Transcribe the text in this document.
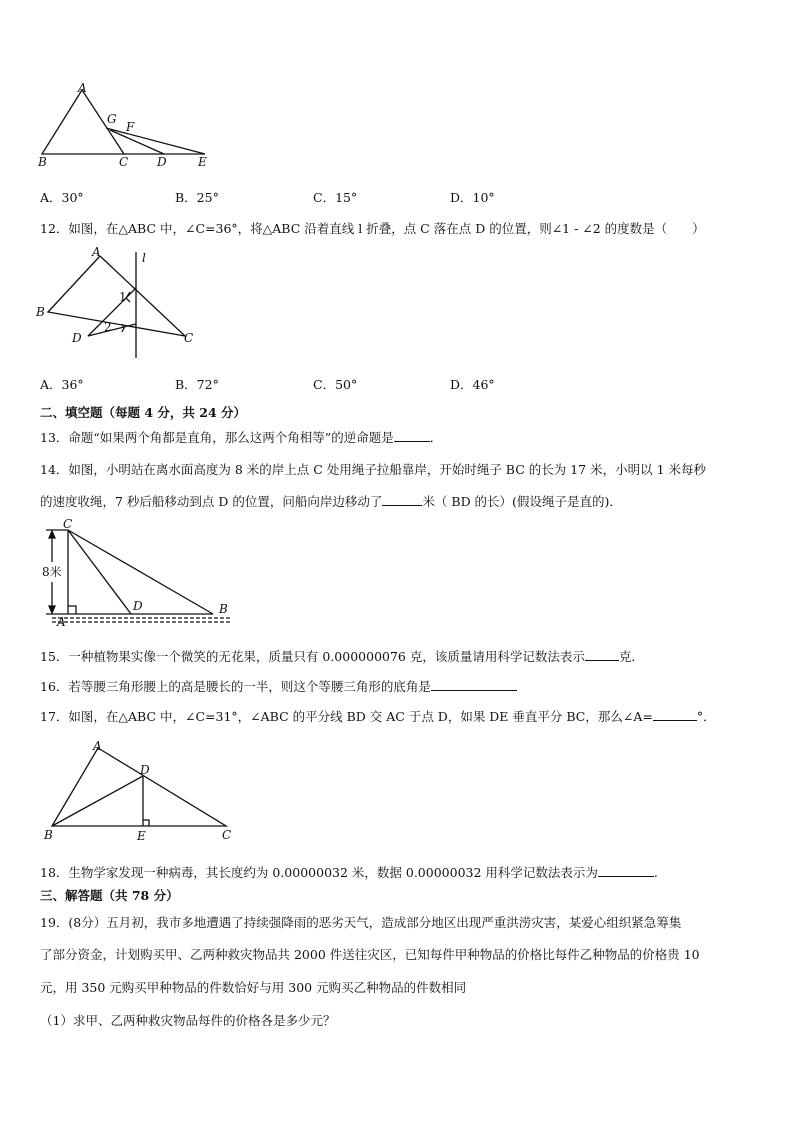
A
G
F
B	C D	E
A．30°	B．25°	C．15°	D．10°
12．如图，在△ABC 中，∠C=36°，将△ABC 沿着直线 l 折叠，点 C 落在点 D 的位置，则∠1 - ∠2 的度数是（　　）
A	l
B
1
2
D	C
A．36°	B．72°	C．50°	D．46°
二、填空题（每题 4 分，共 24 分）
13．命题“如果两个角都是直角，那么这两个角相等”的逆命题是	．
14．如图，小明站在离水面高度为 8 米的岸上点 C 处用绳子拉船靠岸，开始时绳子 BC 的长为 17 米，小明以 1 米每秒
的速度收绳，7 秒后船移动到点 D 的位置，问船向岸边移动了	米（ BD 的长）(假设绳子是直的)．
C
8米
D
A
B
15．一种植物果实像一个微笑的无花果，质量只有 0.000000076 克，该质量请用科学记数法表示	克．
16．若等腰三角形腰上的高是腰长的一半，则这个等腰三角形的底角是
17．如图，在△ABC 中，∠C=31°，∠ABC 的平分线 BD 交 AC 于点 D，如果 DE 垂直平分 BC，那么∠A=	°．
A
D
B	E	C
18．生物学家发现一种病毒，其长度约为 0.00000032 米，数据 0.00000032 用科学记数法表示为	.
三、解答题（共 78 分）
19．(8分）五月初，我市多地遭遇了持续强降雨的恶劣天气，造成部分地区出现严重洪涝灾害，某爱心组织紧急筹集
了部分资金，计划购买甲、乙两种救灾物品共 2000 件送往灾区，已知每件甲种物品的价格比每件乙种物品的价格贵 10
元，用 350 元购买甲种物品的件数恰好与用 300 元购买乙种物品的件数相同
（1）求甲、乙两种救灾物品每件的价格各是多少元？
